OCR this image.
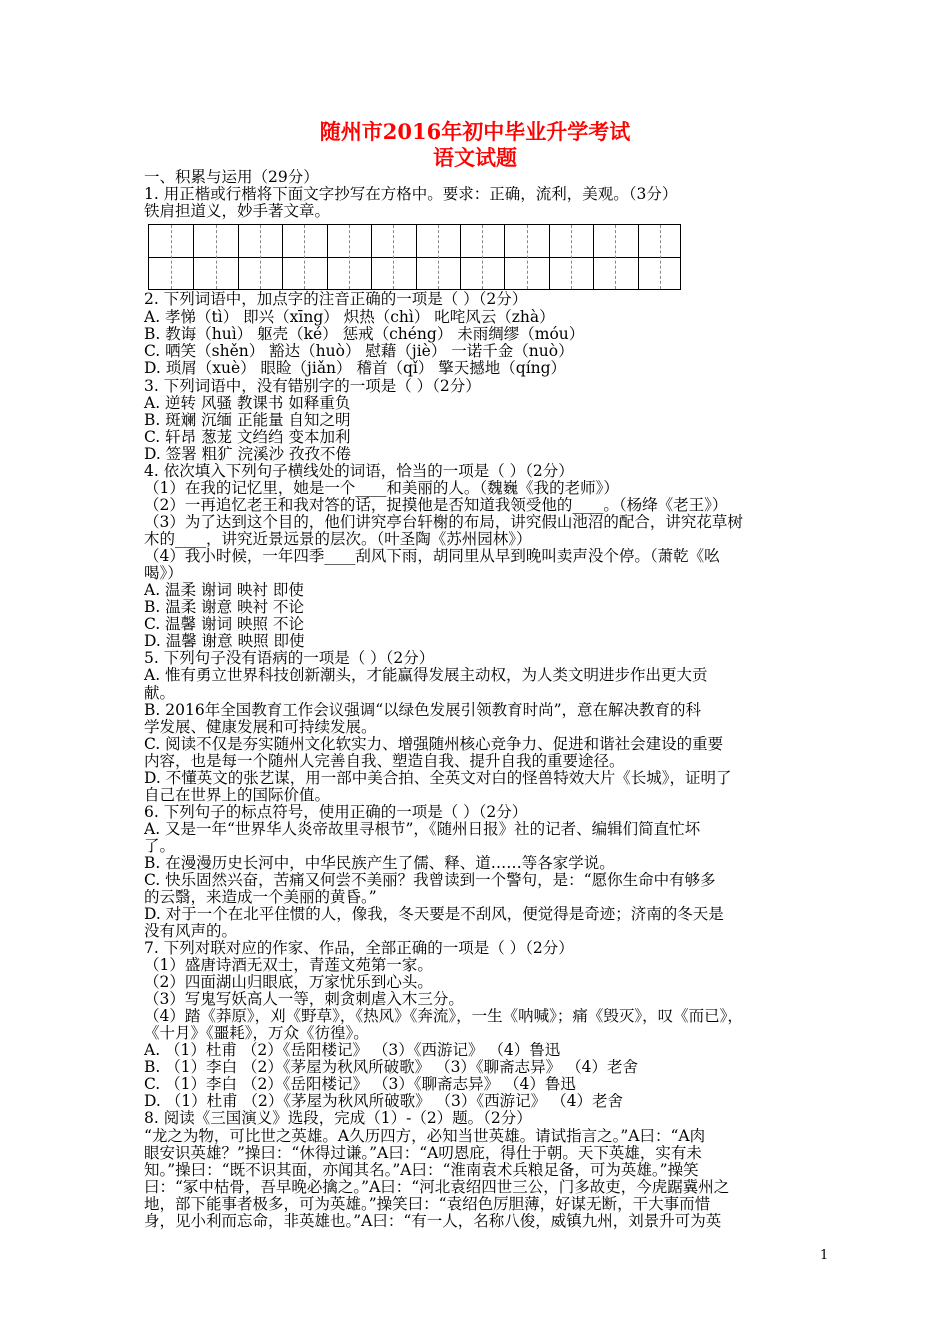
随州市2016年初中毕业升学考试
语文试题
一、积累与运用（29分）
1. 用正楷或行楷将下面文字抄写在方格中。要求：正确，流利，美观。（3分）
铁肩担道义，妙手著文章。
2. 下列词语中，加点字的注音正确的一项是（ ）（2分）
A. 孝悌（tì） 即兴（xīng） 炽热（chì） 叱咤风云（zhà）
B. 教诲（huì） 躯壳（ké） 惩戒（chéng） 未雨绸缪（móu）
C. 哂笑（shěn） 豁达（huò） 慰藉（jiè） 一诺千金（nuò）
D. 琐屑（xuè） 眼睑（jiǎn） 稽首（qǐ） 擎天撼地（qíng）
3. 下列词语中，没有错别字的一项是（ ）（2分）
A. 逆转 风骚 教课书 如释重负
B. 斑斓 沉缅 正能量 自知之明
C. 轩昂 葱茏 文绉绉 变本加利
D. 签署 粗犷 浣溪沙 孜孜不倦
4. 依次填入下列句子横线处的词语，恰当的一项是（ ）（2分）
（1）在我的记忆里，她是一个____和美丽的人。（魏巍《我的老师》）
（2）一再追忆老王和我对答的话，捉摸他是否知道我领受他的____。（杨绛《老王》）
（3）为了达到这个目的，他们讲究亭台轩榭的布局，讲究假山池沼的配合，讲究花草树
木的____，讲究近景远景的层次。（叶圣陶《苏州园林》）
（4）我小时候，一年四季____刮风下雨，胡同里从早到晚叫卖声没个停。（萧乾《吆
喝》）
A. 温柔 谢词 映衬 即使
B. 温柔 谢意 映衬 不论
C. 温馨 谢词 映照 不论
D. 温馨 谢意 映照 即使
5. 下列句子没有语病的一项是（ ）（2分）
A. 惟有勇立世界科技创新潮头，才能赢得发展主动权，为人类文明进步作出更大贡
献。
B. 2016年全国教育工作会议强调“以绿色发展引领教育时尚”，意在解决教育的科
学发展、健康发展和可持续发展。
C. 阅读不仅是夯实随州文化软实力、增强随州核心竞争力、促进和谐社会建设的重要
内容，也是每一个随州人完善自我、塑造自我、提升自我的重要途径。
D. 不懂英文的张艺谋，用一部中美合拍、全英文对白的怪兽特效大片《长城》，证明了
自己在世界上的国际价值。
6. 下列句子的标点符号，使用正确的一项是（ ）（2分）
A. 又是一年“世界华人炎帝故里寻根节”，《随州日报》社的记者、编辑们简直忙坏
了。
B. 在漫漫历史长河中，中华民族产生了儒、释、道……等各家学说。
C. 快乐固然兴奋，苦痛又何尝不美丽？我曾读到一个警句，是：“愿你生命中有够多
的云翳，来造成一个美丽的黄昏。”
D. 对于一个在北平住惯的人，像我，冬天要是不刮风，便觉得是奇迹；济南的冬天是
没有风声的。
7. 下列对联对应的作家、作品，全部正确的一项是（ ）（2分）
（1）盛唐诗酒无双士，青莲文苑第一家。
（2）四面湖山归眼底，万家忧乐到心头。
（3）写鬼写妖高人一等，刺贪刺虐入木三分。
（4）踏《莽原》，刈《野草》，《热风》《奔流》，一生《呐喊》；痛《毁灭》，叹《而已》，
《十月》《噩耗》，万众《彷徨》。
A. （1）杜甫 （2）《岳阳楼记》 （3）《西游记》 （4）鲁迅
B. （1）李白 （2）《茅屋为秋风所破歌》 （3）《聊斋志异》 （4）老舍
C. （1）李白 （2）《岳阳楼记》 （3）《聊斋志异》 （4）鲁迅
D. （1）杜甫 （2）《茅屋为秋风所破歌》 （3）《西游记》 （4）老舍
8. 阅读《三国演义》选段，完成（1）-（2）题。（2分）
“龙之为物，可比世之英雄。A久历四方，必知当世英雄。请试指言之。”A曰：“A肉
眼安识英雄？”操曰：“休得过谦。”A曰：“A叨恩庇，得仕于朝。天下英雄，实有未
知。”操曰：“既不识其面，亦闻其名。”A曰：“淮南袁术兵粮足备，可为英雄。”操笑
曰：“冢中枯骨，吾早晚必擒之。”A曰：“河北袁绍四世三公，门多故吏，今虎踞冀州之
地，部下能事者极多，可为英雄。”操笑曰：“袁绍色厉胆薄，好谋无断，干大事而惜
身，见小利而忘命，非英雄也。”A曰：“有一人，名称八俊，威镇九州，刘景升可为英
1
